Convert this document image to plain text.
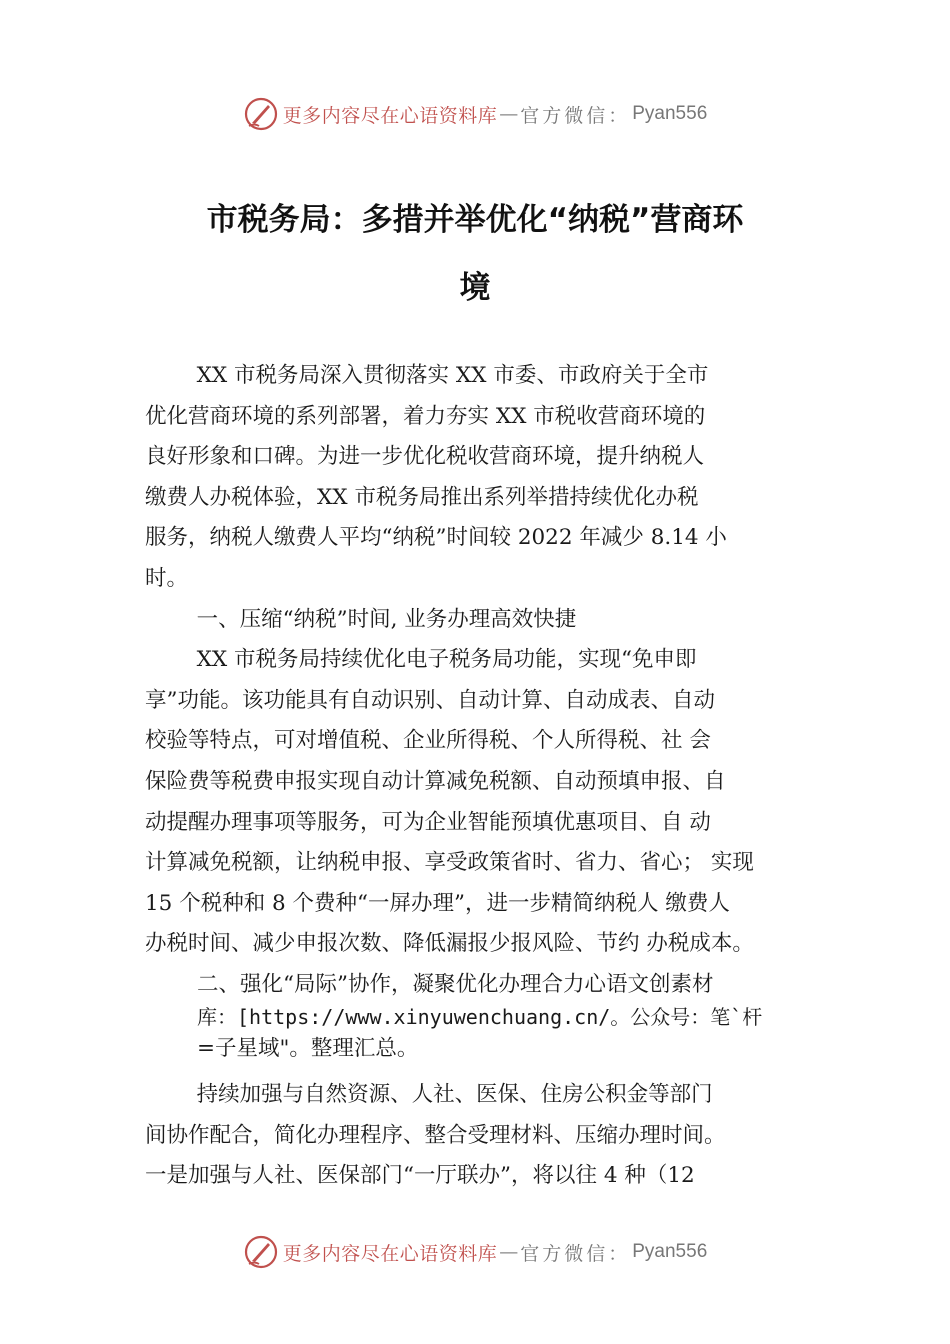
更多内容尽在心语资料库 — 官方微信： Pyan556
市税务局：多措并举优化“纳税”营商环
境

XX 市税务局深入贯彻落实 XX 市委、市政府关于全市
优化营商环境的系列部署，着力夯实 XX 市税收营商环境的
良好形象和口碑。为进一步优化税收营商环境，提升纳税人
缴费人办税体验，XX 市税务局推出系列举措持续优化办税
服务，纳税人缴费人平均“纳税”时间较 2022 年减少 8.14 小
时。

一、压缩“纳税”时间, 业务办理高效快捷

XX 市税务局持续优化电子税务局功能，实现“免申即
享”功能。该功能具有自动识别、自动计算、自动成表、自动
校验等特点，可对增值税、企业所得税、个人所得税、社 会
保险费等税费申报实现自动计算减免税额、自动预填申报、自
动提醒办理事项等服务，可为企业智能预填优惠项目、自 动
计算减免税额，让纳税申报、享受政策省时、省力、省心； 实现
15 个税种和 8 个费种“一屏办理”，进一步精简纳税人 缴费人
办税时间、减少申报次数、降低漏报少报风险、节约 办税成本。

二、强化“局际”协作，凝聚优化办理合力心语文创素材
库：[https://www.xinyuwenchuang.cn/。公众号：笔`杆
=子星域"。整理汇总。

持续加强与自然资源、人社、医保、住房公积金等部门
间协作配合，简化办理程序、整合受理材料、压缩办理时间。
一是加强与人社、医保部门“一厅联办”，将以往 4 种（12

更多内容尽在心语资料库 — 官方微信： Pyan556
